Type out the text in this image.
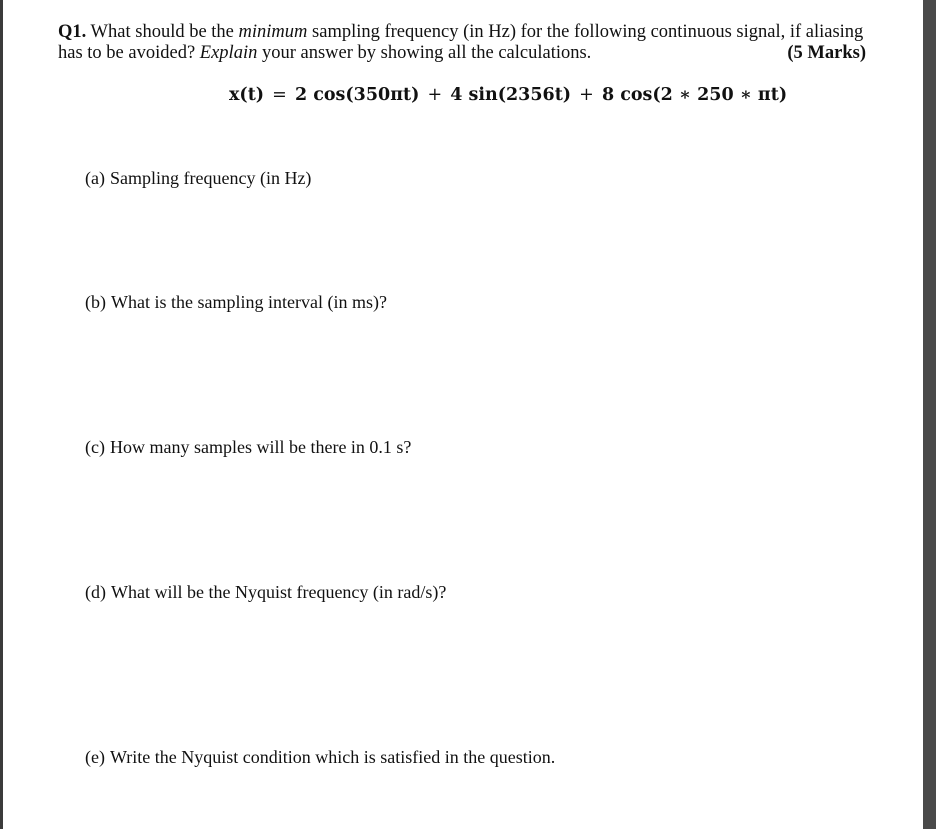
Q1. What should be the minimum sampling frequency (in Hz) for the following continuous signal, if aliasing
has to be avoided? Explain your answer by showing all the calculations.	(5 Marks)
x(t) = 2 cos(350πt) + 4 sin(2356t) + 8 cos(2 ∗ 250 ∗ πt)
(a) Sampling frequency (in Hz)
(b) What is the sampling interval (in ms)?
(c) How many samples will be there in 0.1 s?
(d) What will be the Nyquist frequency (in rad/s)?
(e) Write the Nyquist condition which is satisfied in the question.
